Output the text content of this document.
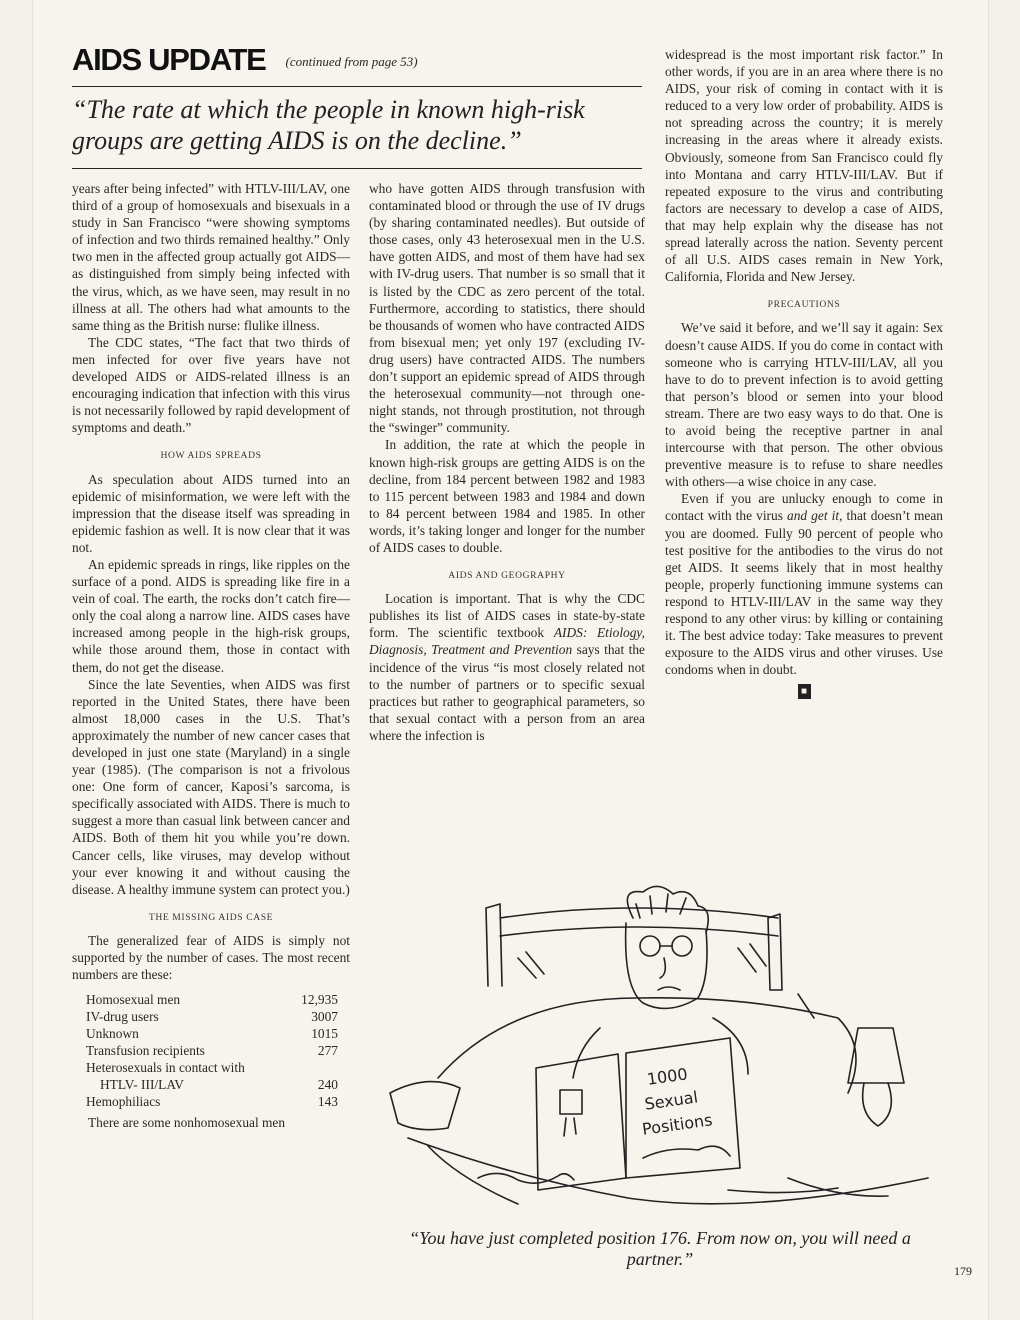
AIDS UPDATE $^{(continued from page 53)}$
“The rate at which the people in known high-risk groups are getting AIDS is on the decline.”

years after being infected” with HTLV-III/LAV, one third of a group of homosexuals and bisexuals in a study in San Francisco “were showing symptoms of infection and two thirds remained healthy.” Only two men in the affected group actually got AIDS—as distinguished from simply being infected with the virus, which, as we have seen, may result in no illness at all. The others had what amounts to the same thing as the British nurse: flulike illness.

The CDC states, “The fact that two thirds of men infected for over five years have not developed AIDS or AIDS-related illness is an encouraging indication that infection with this virus is not necessarily followed by rapid development of symptoms and death.”

HOW AIDS SPREADS

As speculation about AIDS turned into an epidemic of misinformation, we were left with the impression that the disease itself was spreading in epidemic fashion as well. It is now clear that it was not.

An epidemic spreads in rings, like ripples on the surface of a pond. AIDS is spreading like fire in a vein of coal. The earth, the rocks don’t catch fire—only the coal along a narrow line. AIDS cases have increased among people in the high-risk groups, while those around them, those in contact with them, do not get the disease.

Since the late Seventies, when AIDS was first reported in the United States, there have been almost 18,000 cases in the U.S. That’s approximately the number of new cancer cases that developed in just one state (Maryland) in a single year (1985). (The comparison is not a frivolous one: One form of cancer, Kaposi’s sarcoma, is specifically associated with AIDS. There is much to suggest a more than casual link between cancer and AIDS. Both of them hit you while you’re down. Cancer cells, like viruses, may develop without your ever knowing it and without causing the disease. A healthy immune system can protect you.)

THE MISSING AIDS CASE

The generalized fear of AIDS is simply not supported by the number of cases. The most recent numbers are these:

Homosexual men	12,935
IV-drug users	3007
Unknown	1015
Transfusion recipients	277
Heterosexuals in contact with
HTLV- III/LAV	240
Hemophiliacs	143

There are some nonhomosexual men

who have gotten AIDS through transfusion with contaminated blood or through the use of IV drugs (by sharing contaminated needles). But outside of those cases, only 43 heterosexual men in the U.S. have gotten AIDS, and most of them have had sex with IV-drug users. That number is so small that it is listed by the CDC as zero percent of the total. Furthermore, according to statistics, there should be thousands of women who have contracted AIDS from bisexual men; yet only 197 (excluding IV-drug users) have contracted AIDS. The numbers don’t support an epidemic spread of AIDS through the heterosexual community—not through one-night stands, not through prostitution, not through the “swinger” community.

In addition, the rate at which the people in known high-risk groups are getting AIDS is on the decline, from 184 percent between 1982 and 1983 to 115 percent between 1983 and 1984 and down to 84 percent between 1984 and 1985. In other words, it’s taking longer and longer for the number of AIDS cases to double.

AIDS AND GEOGRAPHY

Location is important. That is why the CDC publishes its list of AIDS cases in state-by-state form. The scientific textbook AIDS: Etiology, Diagnosis, Treatment and Prevention says that the incidence of the virus “is most closely related not to the number of partners or to specific sexual practices but rather to geographical parameters, so that sexual contact with a person from an area where the infection is

widespread is the most important risk factor.” In other words, if you are in an area where there is no AIDS, your risk of coming in contact with it is reduced to a very low order of probability. AIDS is not spreading across the country; it is merely increasing in the areas where it already exists. Obviously, someone from San Francisco could fly into Montana and carry HTLV-III/LAV. But if repeated exposure to the virus and contributing factors are necessary to develop a case of AIDS, that may help explain why the disease has not spread laterally across the nation. Seventy percent of all U.S. AIDS cases remain in New York, California, Florida and New Jersey.

PRECAUTIONS

We’ve said it before, and we’ll say it again: Sex doesn’t cause AIDS. If you do come in contact with someone who is carrying HTLV-III/LAV, all you have to do to prevent infection is to avoid getting that person’s blood or semen into your blood stream. There are two easy ways to do that. One is to avoid being the receptive partner in anal intercourse with that person. The other obvious preventive measure is to refuse to share needles with others—a wise choice in any case.

Even if you are unlucky enough to come in contact with the virus and get it, that doesn’t mean you are doomed. Fully 90 percent of people who test positive for the antibodies to the virus do not get AIDS. It seems likely that in most healthy people, properly functioning immune systems can respond to HTLV-III/LAV in the same way they respond to any other virus: by killing or containing it. The best advice today: Take measures to prevent exposure to the AIDS virus and other viruses. Use condoms when in doubt.

■
1000
Sexual
Positions
“You have just completed position 176. From now on, you will need a partner.”
179
